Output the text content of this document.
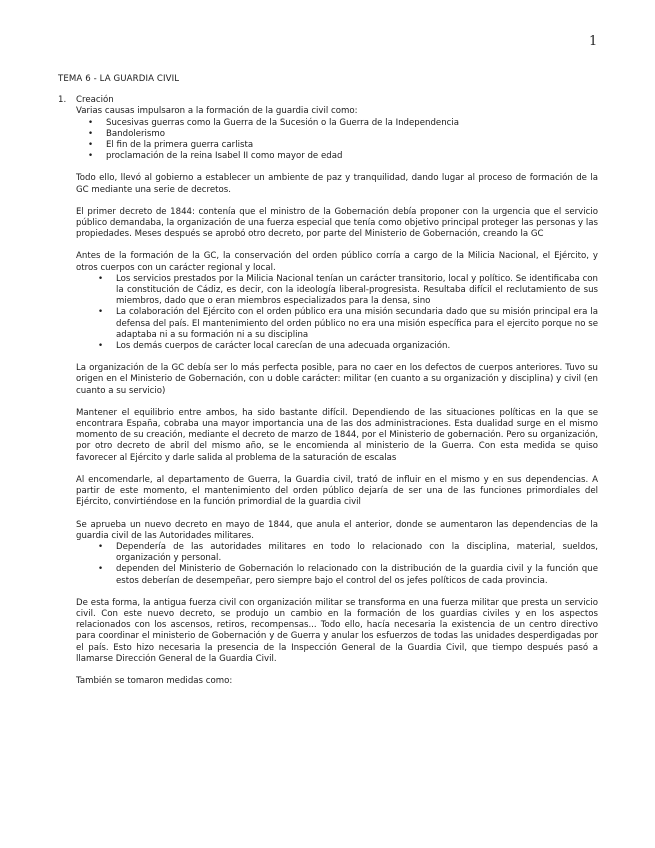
1
TEMA 6 - LA GUARDIA CIVIL
1.	Creación

Varias causas impulsaron a la formación de la guardia civil como:

• Sucesivas guerras como la Guerra de la Sucesión o la Guerra de la Independencia
• Bandolerismo
• El fin de la primera guerra carlista
• proclamación de la reina Isabel II como mayor de edad

Todo ello, llevó al gobierno a establecer un ambiente de paz y tranquilidad, dando lugar al proceso de formación de la GC mediante una serie de decretos.

El primer decreto de 1844: contenía que el ministro de la Gobernación debía proponer con la urgencia que el servicio público demandaba, la organización de una fuerza especial que tenía como objetivo principal proteger las personas y las propiedades. Meses después se aprobó otro decreto, por parte del Ministerio de Gobernación, creando la GC

Antes de la formación de la GC, la conservación del orden público corría a cargo de la Milicia Nacional, el Ejército, y otros cuerpos con un carácter regional y local.

• Los servicios prestados por la Milicia Nacional tenían un carácter transitorio, local y político. Se identificaba con la constitución de Cádiz, es decir, con la ideología liberal-progresista. Resultaba difícil el reclutamiento de sus miembros, dado que o eran miembros especializados para la densa, sino
• La colaboración del Ejército con el orden público era una misión secundaria dado que su misión principal era la defensa del país. El mantenimiento del orden público no era una misión específica para el ejercito porque no se adaptaba ni a su formación ni a su disciplina
• Los demás cuerpos de carácter local carecían de una adecuada organización.

La organización de la GC debía ser lo más perfecta posible, para no caer en los defectos de cuerpos anteriores. Tuvo su origen en el Ministerio de Gobernación, con u doble carácter: militar (en cuanto a su organización y disciplina) y civil (en cuanto a su servicio)

Mantener el equilibrio entre ambos, ha sido bastante difícil. Dependiendo de las situaciones políticas en la que se encontrara España, cobraba una mayor importancia una de las dos administraciones. Esta dualidad surge en el mismo momento de su creación, mediante el decreto de marzo de 1844, por el Ministerio de gobernación. Pero su organización, por otro decreto de abril del mismo año, se le encomienda al ministerio de la Guerra. Con esta medida se quiso favorecer al Ejército y darle salida al problema de la saturación de escalas

Al encomendarle, al departamento de Guerra, la Guardia civil, trató de influir en el mismo y en sus dependencias. A partir de este momento, el mantenimiento del orden público dejaría de ser una de las funciones primordiales del Ejército, convirtiéndose en la función primordial de la guardia civil

Se aprueba un nuevo decreto en mayo de 1844, que anula el anterior, donde se aumentaron las dependencias de la guardia civil de las Autoridades militares.

• Dependería de las autoridades militares en todo lo relacionado con la disciplina, material, sueldos, organización y personal.
• dependen del Ministerio de Gobernación lo relacionado con la distribución de la guardia civil y la función que estos deberían de desempeñar, pero siempre bajo el control del os jefes políticos de cada provincia.

De esta forma, la antigua fuerza civil con organización militar se transforma en una fuerza militar que presta un servicio civil. Con este nuevo decreto, se produjo un cambio en la formación de los guardias civiles y en los aspectos relacionados con los ascensos, retiros, recompensas... Todo ello, hacía necesaria la existencia de un centro directivo para coordinar el ministerio de Gobernación y de Guerra y anular los esfuerzos de todas las unidades desperdigadas por el país. Esto hizo necesaria la presencia de la Inspección General de la Guardia Civil, que tiempo después pasó a llamarse Dirección General de la Guardia Civil.

También se tomaron medidas como:
